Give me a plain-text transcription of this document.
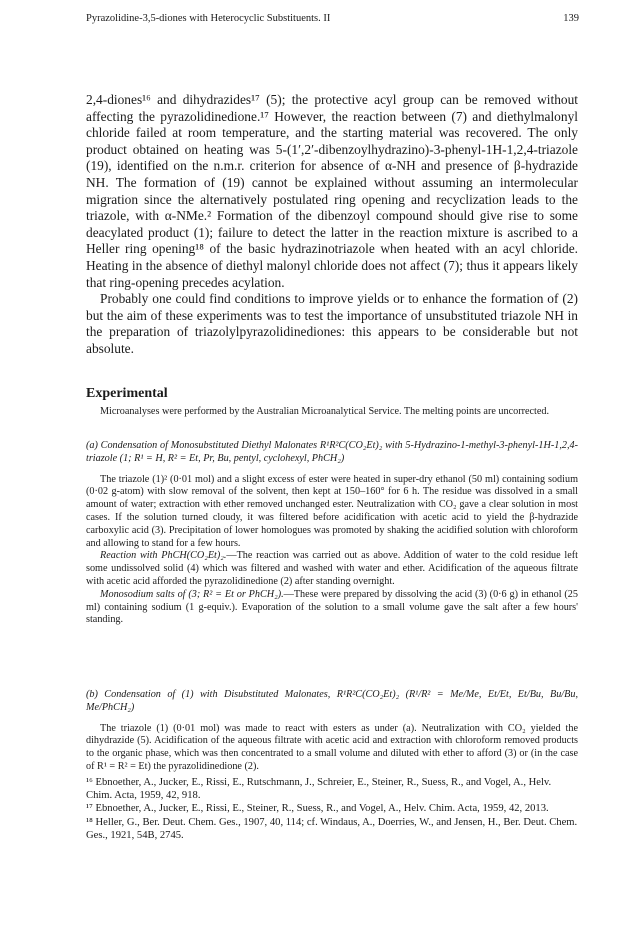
Pyrazolidine-3,5-diones with Heterocyclic Substituents. II	139

2,4-diones¹⁶ and dihydrazides¹⁷ (5); the protective acyl group can be removed without affecting the pyrazolidinedione.¹⁷ However, the reaction between (7) and diethylmalonyl chloride failed at room temperature, and the starting material was recovered. The only product obtained on heating was 5-(1′,2′-dibenzoylhydrazino)-3-phenyl-1H-1,2,4-triazole (19), identified on the n.m.r. criterion for absence of α-NH and presence of β-hydrazide NH. The formation of (19) cannot be explained without assuming an intermolecular migration since the alternatively postulated ring opening and recyclization leads to the triazole, with α-NMe.² Formation of the dibenzoyl compound should give rise to some deacylated product (1); failure to detect the latter in the reaction mixture is ascribed to a Heller ring opening¹⁸ of the basic hydrazinotriazole when heated with an acyl chloride. Heating in the absence of diethyl malonyl chloride does not affect (7); thus it appears likely that ring-opening precedes acylation.

Probably one could find conditions to improve yields or to enhance the formation of (2) but the aim of these experiments was to test the importance of unsubstituted triazole NH in the preparation of triazolylpyrazolidinediones: this appears to be considerable but not absolute.

Experimental

Microanalyses were performed by the Australian Microanalytical Service. The melting points are uncorrected.

(a) Condensation of Monosubstituted Diethyl Malonates R¹R²C(CO₂Et)₂ with 5-Hydrazino-1-methyl-3-phenyl-1H-1,2,4-triazole (1; R¹ = H, R² = Et, Pr, Bu, pentyl, cyclohexyl, PhCH₂)

The triazole (1)² (0·01 mol) and a slight excess of ester were heated in super-dry ethanol (50 ml) containing sodium (0·02 g-atom) with slow removal of the solvent, then kept at 150–160° for 6 h. The residue was dissolved in a small amount of water; extraction with ether removed unchanged ester. Neutralization with CO₂ gave a clear solution in most cases. If the solution turned cloudy, it was filtered before acidification with acetic acid to yield the β-hydrazide carboxylic acid (3). Precipitation of lower homologues was promoted by shaking the acidified solution with chloroform and allowing to stand for a few hours.

Reaction with PhCH(CO₂Et)₂.—The reaction was carried out as above. Addition of water to the cold residue left some undissolved solid (4) which was filtered and washed with water and ether. Acidification of the aqueous filtrate with acetic acid afforded the pyrazolidinedione (2) after standing overnight.

Monosodium salts of (3; R² = Et or PhCH₂).—These were prepared by dissolving the acid (3) (0·6 g) in ethanol (25 ml) containing sodium (1 g-equiv.). Evaporation of the solution to a small volume gave the salt after a few hours' standing.

(b) Condensation of (1) with Disubstituted Malonates, R¹R²C(CO₂Et)₂ (R¹/R² = Me/Me, Et/Et, Et/Bu, Bu/Bu, Me/PhCH₂)

The triazole (1) (0·01 mol) was made to react with esters as under (a). Neutralization with CO₂ yielded the dihydrazide (5). Acidification of the aqueous filtrate with acetic acid and extraction with chloroform removed products to the organic phase, which was then concentrated to a small volume and diluted with ether to afford (3) or (in the case of R¹ = R² = Et) the pyrazolidinedione (2).

¹⁶ Ebnoether, A., Jucker, E., Rissi, E., Rutschmann, J., Schreier, E., Steiner, R., Suess, R., and Vogel, A., Helv. Chim. Acta, 1959, 42, 918.

¹⁷ Ebnoether, A., Jucker, E., Rissi, E., Steiner, R., Suess, R., and Vogel, A., Helv. Chim. Acta, 1959, 42, 2013.

¹⁸ Heller, G., Ber. Deut. Chem. Ges., 1907, 40, 114; cf. Windaus, A., Doerries, W., and Jensen, H., Ber. Deut. Chem. Ges., 1921, 54B, 2745.
